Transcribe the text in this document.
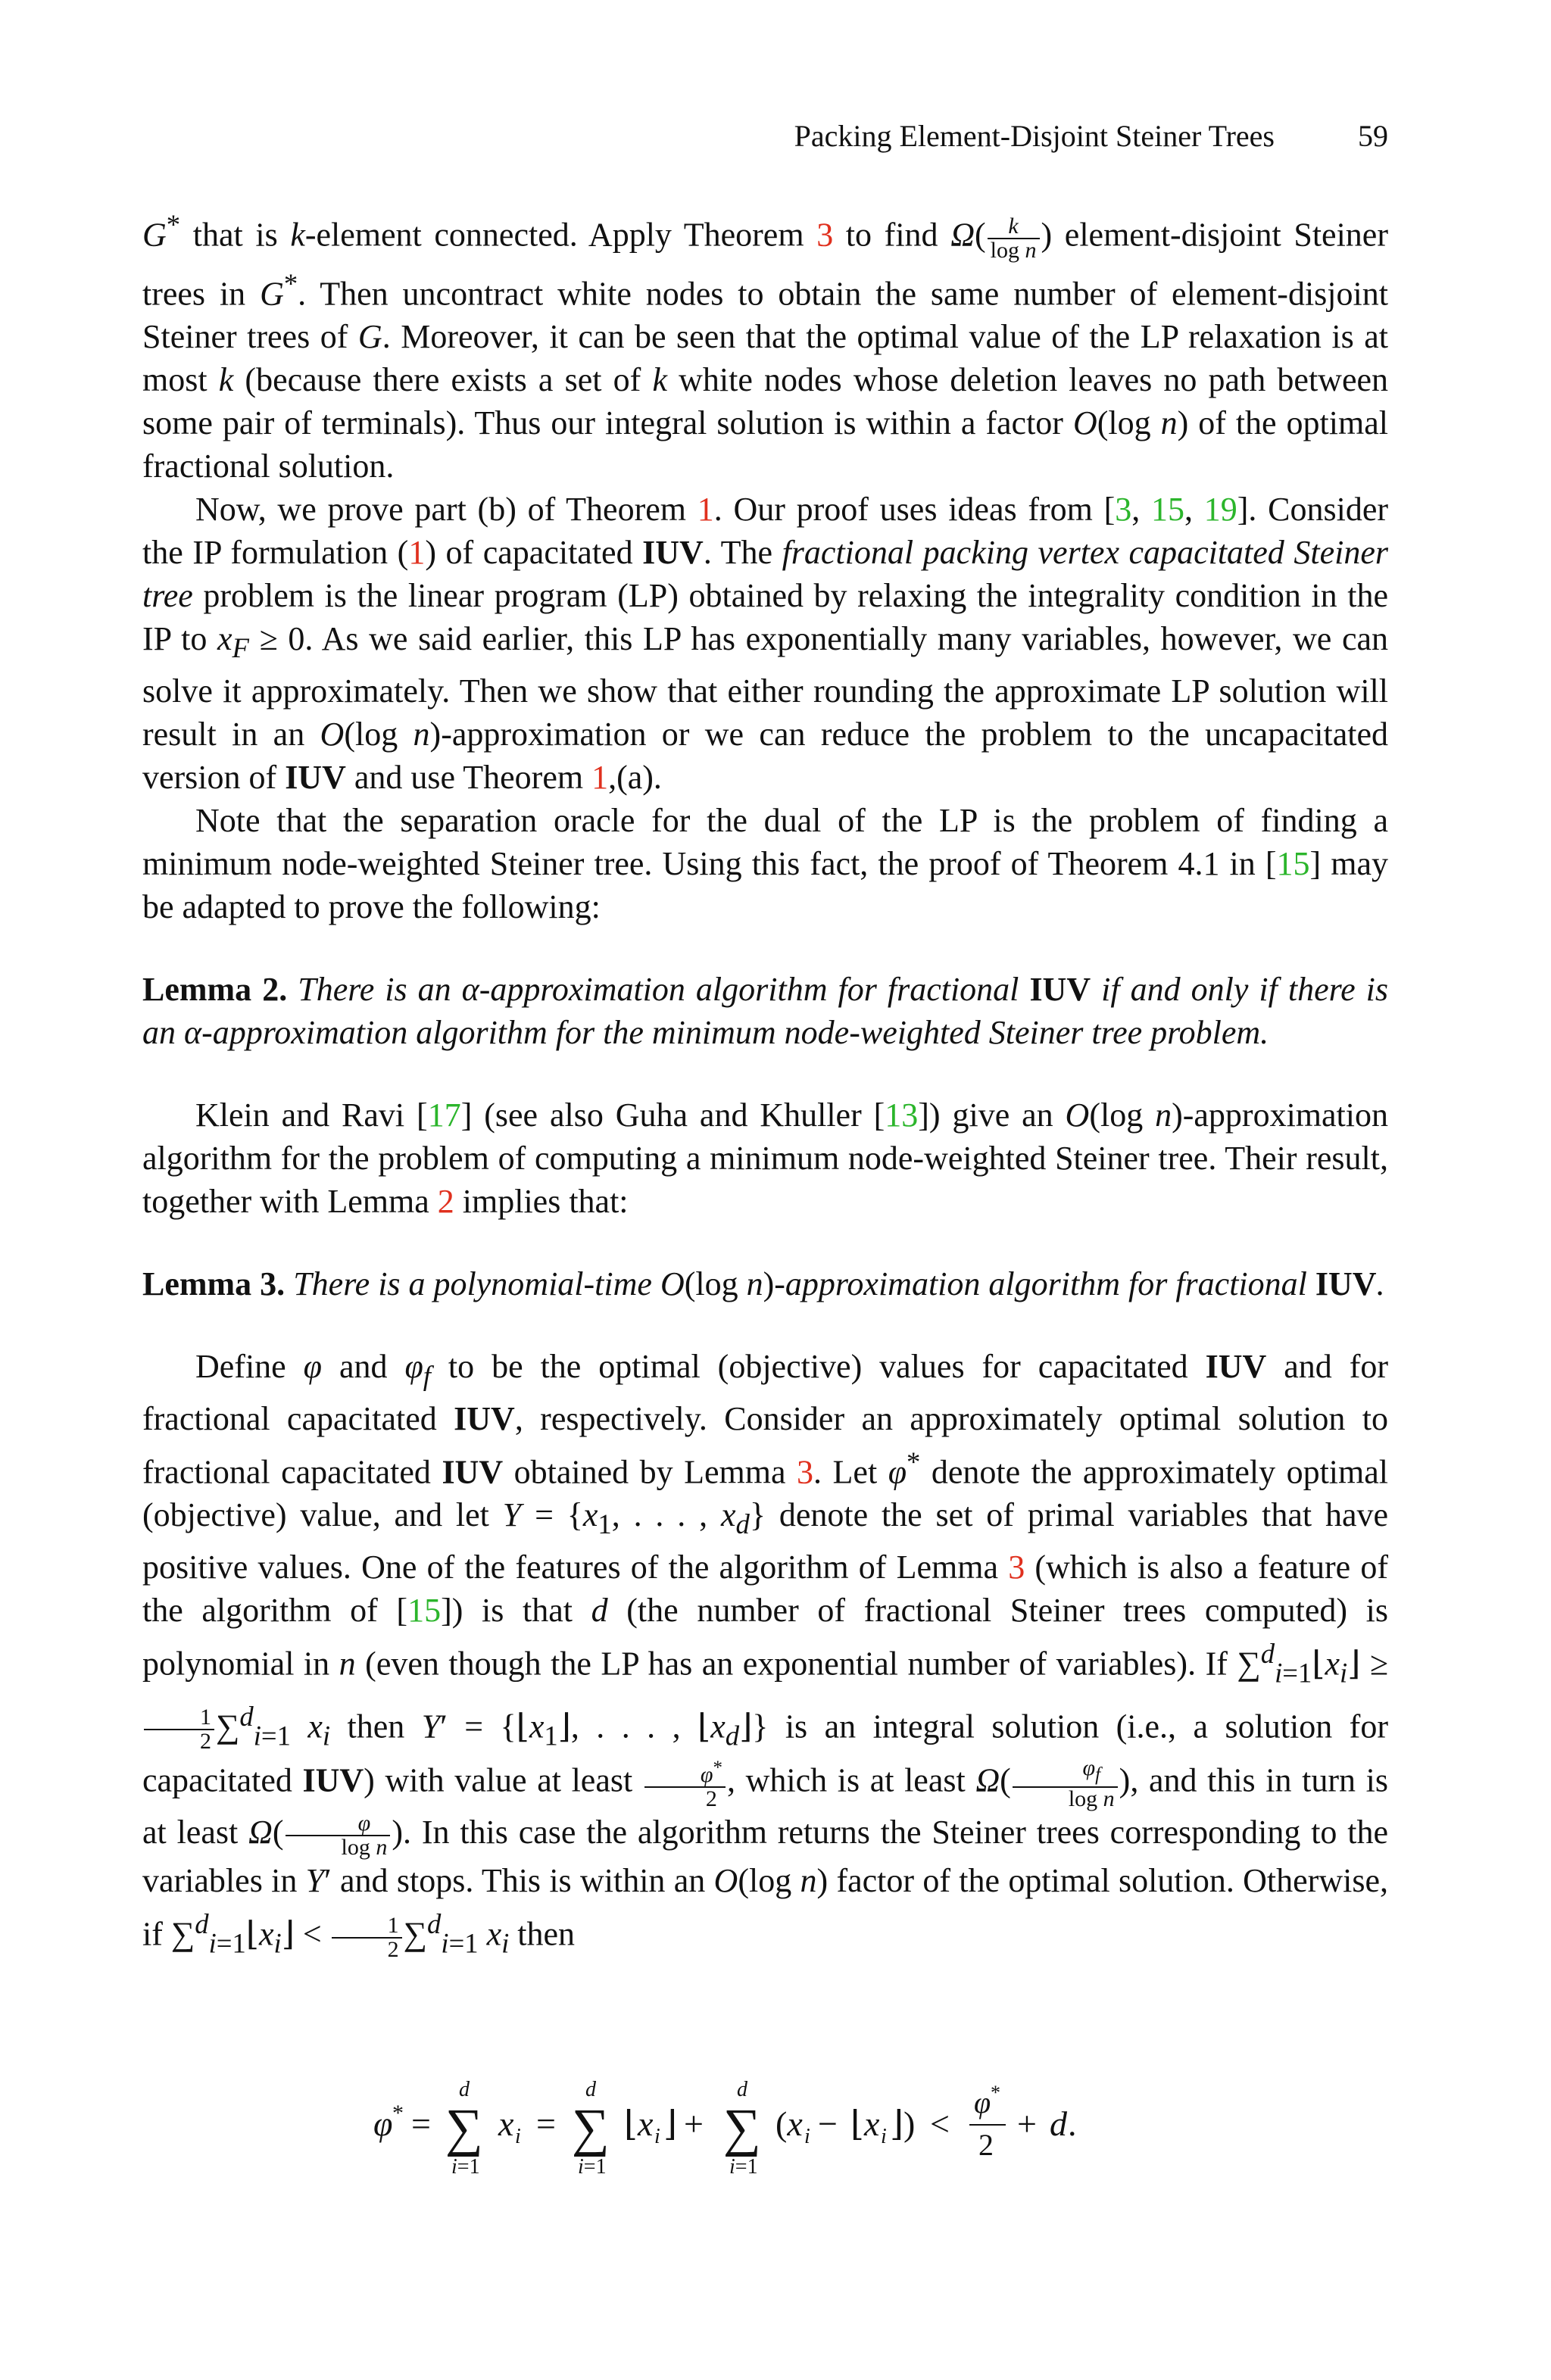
Packing Element-Disjoint Steiner Trees	59

G* that is k-element connected. Apply Theorem 3 to find $\Omega( \frac{k}{\text{log n}}$ ) element-disjoint Steiner trees in G*. Then uncontract white nodes to obtain the same number of element-disjoint Steiner trees of G. Moreover, it can be seen that the optimal value of the LP relaxation is at most k (because there exists a set of k white nodes whose deletion leaves no path between some pair of terminals). Thus our integral solution is within a factor O(log n) of the optimal fractional solution.

Now, we prove part (b) of Theorem 1. Our proof uses ideas from [3, 15, 19]. Consider the IP formulation (1) of capacitated IUV. The fractional packing vertex capacitated Steiner tree problem is the linear program (LP) obtained by relaxing the integrality condition in the IP to $x_F \ge 0$. As we said earlier, this LP has exponentially many variables, however, we can solve it approximately. Then we show that either rounding the approximate LP solution will result in an O(log n)-approximation or we can reduce the problem to the uncapacitated version of IUV and use Theorem 1,(a).

Note that the separation oracle for the dual of the LP is the problem of finding a minimum node-weighted Steiner tree. Using this fact, the proof of Theorem 4.1 in [15] may be adapted to prove the following:

Lemma 2. There is an α-approximation algorithm for fractional IUV if and only if there is an α-approximation algorithm for the minimum node-weighted Steiner tree problem.

Klein and Ravi [17] (see also Guha and Khuller [13]) give an O(log n)-approximation algorithm for the problem of computing a minimum node-weighted Steiner tree. Their result, together with Lemma 2 implies that:

Lemma 3. There is a polynomial-time O(log n)-approximation algorithm for fractional IUV.

Define φ and $\varphi_f$ to be the optimal (objective) values for capacitated IUV and for fractional capacitated IUV, respectively. Consider an approximately optimal solution to fractional capacitated IUV obtained by Lemma 3. Let φ* denote the approximately optimal (objective) value, and let $Y = \{x_1$, . . . , $x_d$} denote the set of primal variables that have positive values. One of the features of the algorithm of Lemma 3 (which is also a feature of the algorithm of [15]) is that d (the number of fractional Steiner trees computed) is polynomial in n (even though the LP has an exponential number of variables). If $\sum^d_{i=1}⌊x_i⌋$ ≥
$\frac{1}{2} \sum^d_{i=1}$ $x_i$ then $Y' = \{⌊x_1⌋$, . . . , $⌊x_d⌋$} is an integral solution (i.e., a solution for capacitated IUV) with value at least $\frac{\varphi^*}{2}$ , which is at least $\Omega( \frac{\varphi_f}{\text{log n}}$ ), and this in turn is at least $\Omega( \frac{\varphi}{\text{log n}}$ ). In this case the algorithm returns the Steiner trees corresponding to the variables in Y′ and stops. This is within an O(log n) factor of the optimal solution. Otherwise, if $\sum^d_{i=1}⌊x_i⌋ < \frac{1}{2} \sum^d_{i=1}$ $x_i$ then

φ * =
d
∑
i=1
x i =
d
∑
i=1
⌊x i ⌋ +
d
∑
i=1
(x i − ⌊x i ⌋) <
φ *
2
+ d .
